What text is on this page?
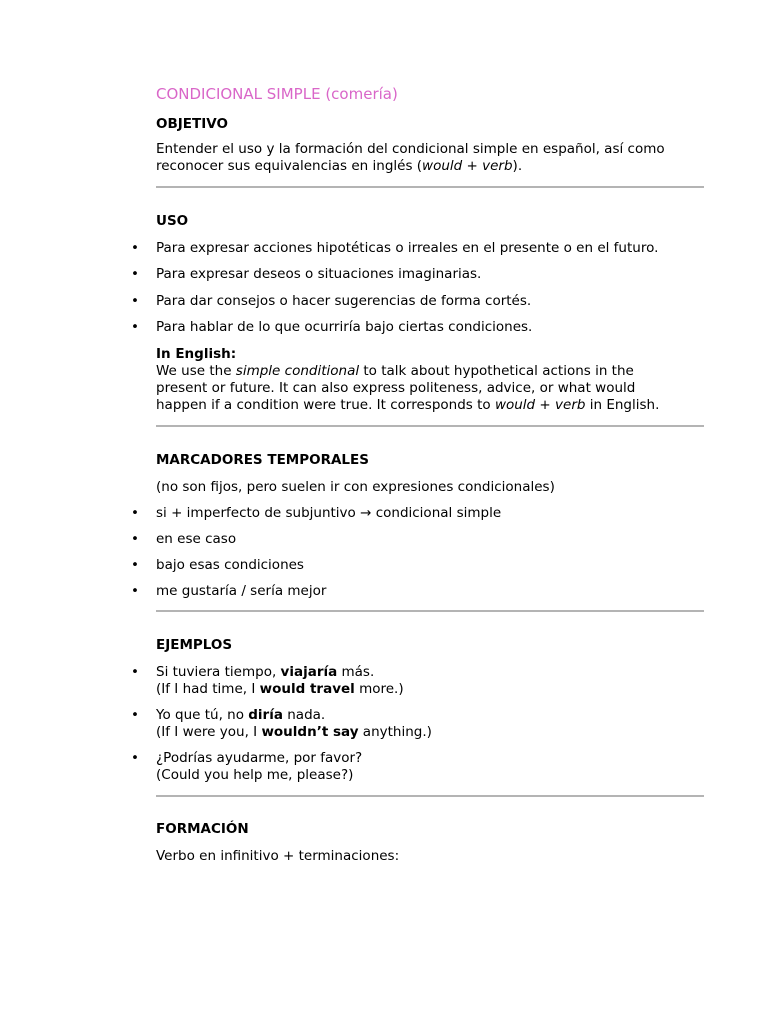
CONDICIONAL SIMPLE (comería)
OBJETIVO

Entender el uso y la formación del condicional simple en español, así como reconocer sus equivalencias en inglés (would + verb).

USO
• Para expresar acciones hipotéticas o irreales en el presente o en el futuro.
• Para expresar deseos o situaciones imaginarias.
• Para dar consejos o hacer sugerencias de forma cortés.
• Para hablar de lo que ocurriría bajo ciertas condiciones.

In English:

We use the simple conditional to talk about hypothetical actions in the present or future. It can also express politeness, advice, or what would happen if a condition were true. It corresponds to would + verb in English.

MARCADORES TEMPORALES

(no son fijos, pero suelen ir con expresiones condicionales)

• si + imperfecto de subjuntivo → condicional simple
• en ese caso
• bajo esas condiciones
• me gustaría / sería mejor
EJEMPLOS
• Si tuviera tiempo, viajaría más.
(If I had time, I would travel more.)
• Yo que tú, no diría nada.
(If I were you, I wouldn’t say anything.)
• ¿Podrías ayudarme, por favor?
(Could you help me, please?)
FORMACIÓN

Verbo en infinitivo + terminaciones:
